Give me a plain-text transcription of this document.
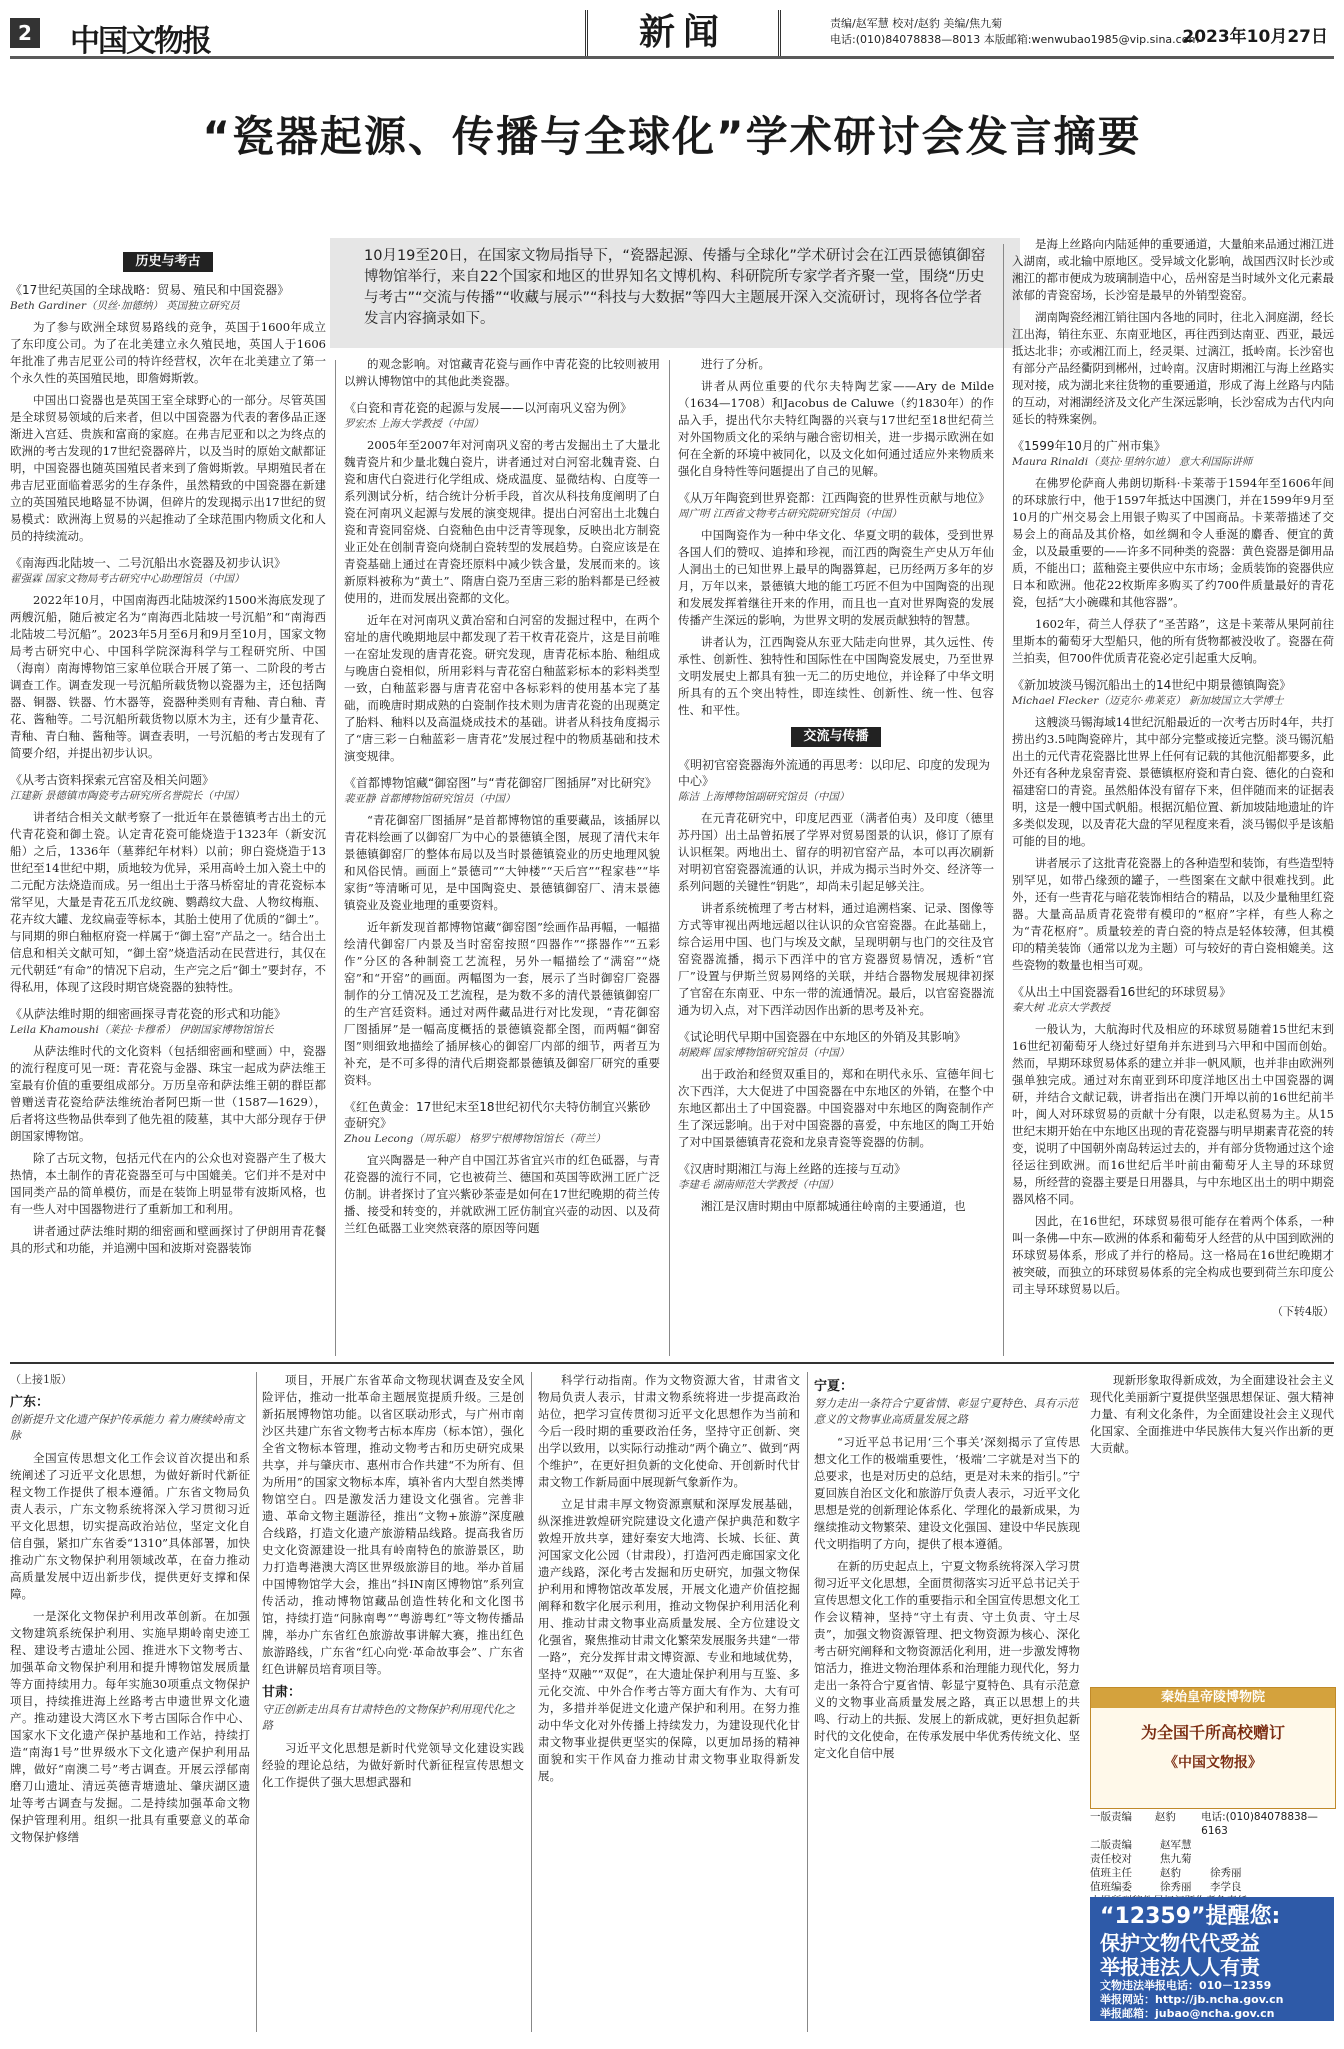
2 中国文物报	新闻	责编/赵军慧 校对/赵豹 美编/焦九菊
电话:(010)84078838—8013 本版邮箱:wenwubao1985@vip.sina.com
2023年10月27日
“瓷器起源、传播与全球化”学术研讨会发言摘要
10月19至20日，在国家文物局指导下，“瓷器起源、传播与全球化”学术研讨会在江西景德镇御窑博物馆举行，来自22个国家和地区的世界知名文博机构、科研院所专家学者齐聚一堂，围绕“历史与考古”“交流与传播”“收藏与展示”“科技与大数据”等四大主题展开深入交流研讨，现将各位学者发言内容摘录如下。
历史与考古
《17世纪英国的全球战略：贸易、殖民和中国瓷器》
Beth Gardiner（贝丝·加德纳） 英国独立研究员

为了参与欧洲全球贸易路线的竞争，英国于1600年成立了东印度公司。为了在北美建立永久殖民地，英国人于1606年批准了弗吉尼亚公司的特许经营权，次年在北美建立了第一个永久性的英国殖民地，即詹姆斯敦。

中国出口瓷器也是英国王室全球野心的一部分。尽管英国是全球贸易领域的后来者，但以中国瓷器为代表的奢侈品正逐渐进入宫廷、贵族和富商的家庭。在弗吉尼亚和以之为终点的欧洲的考古发现的17世纪瓷器碎片，以及当时的原始文献都证明，中国瓷器也随英国殖民者来到了詹姆斯敦。早期殖民者在弗吉尼亚面临着恶劣的生存条件，虽然精致的中国瓷器在新建立的英国殖民地略显不协调，但碎片的发现揭示出17世纪的贸易模式：欧洲海上贸易的兴起推动了全球范围内物质文化和人员的持续流动。

《南海西北陆坡一、二号沉船出水瓷器及初步认识》
翟强霖 国家文物局考古研究中心助理馆员（中国）

2022年10月，中国南海西北陆坡深约1500米海底发现了两艘沉船，随后被定名为“南海西北陆坡一号沉船”和“南海西北陆坡二号沉船”。2023年5月至6月和9月至10月，国家文物局考古研究中心、中国科学院深海科学与工程研究所、中国（海南）南海博物馆三家单位联合开展了第一、二阶段的考古调查工作。调查发现一号沉船所载货物以瓷器为主，还包括陶器、铜器、铁器、竹木器等，瓷器种类则有青釉、青白釉、青花、酱釉等。二号沉船所载货物以原木为主，还有少量青花、青釉、青白釉、酱釉等。调查表明，一号沉船的考古发现有了简要介绍，并提出初步认识。

《从考古资料探索元宫窑及相关问题》
江建新 景德镇市陶瓷考古研究所名誉院长（中国）

讲者结合相关文献考察了一批近年在景德镇考古出土的元代青花瓷和御土瓷。认定青花瓷可能烧造于1323年（新安沉船）之后，1336年（墓葬纪年材料）以前；卵白瓷烧造于13世纪至14世纪中期，质地较为优异，采用高岭土加入瓷土中的二元配方法烧造而成。另一组出土于落马桥窑址的青花瓷标本常罕见，大量是青花五爪龙纹碗、鹦鹉纹大盘、人物纹梅瓶、花卉纹大罐、龙纹扁壶等标本，其胎土使用了优质的“御土”。与同期的卵白釉枢府瓷一样属于“御土窑”产品之一。结合出土信息和相关文献可知，“御土窑”烧造活动在民营进行，其仅在元代朝廷“有命”的情况下启动，生产完之后“御土”要封存，不得私用，体现了这段时期官烧瓷器的独特性。

《从萨法维时期的细密画探寻青花瓷的形式和功能》
Leila Khamoushi（莱拉·卡穆希） 伊朗国家博物馆馆长

从萨法维时代的文化资料（包括细密画和壁画）中，瓷器的流行程度可见一斑：青花瓷与金器、珠宝一起成为萨法维王室最有价值的重要组成部分。万历皇帝和萨法维王朝的群臣都曾赠送青花瓷给萨法维统治者阿巴斯一世（1587—1629），后者将这些物品供奉到了他先祖的陵墓，其中大部分现存于伊朗国家博物馆。

除了古玩文物，包括元代在内的公众也对瓷器产生了极大热情，本土制作的青花瓷器至可与中国媲美。它们并不是对中国同类产品的简单模仿，而是在装饰上明显带有波斯风格，也有一些人对中国器物进行了重新加工和利用。

讲者通过萨法维时期的细密画和壁画探讨了伊朗用青花餐具的形式和功能，并追溯中国和波斯对瓷器装饰

的观念影响。对馆藏青花瓷与画作中青花瓷的比较则被用以辨认博物馆中的其他此类瓷器。

《白瓷和青花瓷的起源与发展——以河南巩义窑为例》
罗宏杰 上海大学教授（中国）

2005年至2007年对河南巩义窑的考古发掘出土了大量北魏青瓷片和少量北魏白瓷片，讲者通过对白河窑北魏青瓷、白瓷和唐代白瓷进行化学组成、烧成温度、显微结构、白度等一系列测试分析，结合统计分析手段，首次从科技角度阐明了白瓷在河南巩义起源与发展的演变规律。提出白河窑出土北魏白瓷和青瓷同窑烧、白瓷釉色由中泛青等现象，反映出北方制瓷业正处在创制青瓷向烧制白瓷转型的发展趋势。白瓷应该是在青瓷基础上通过在青瓷坯原料中减少铁含量，发展而来的。该新原料被称为“黄土”、隋唐白瓷乃至唐三彩的胎料都是已经被使用的，进而发展出瓷都的文化。

近年在对河南巩义黄冶窑和白河窑的发掘过程中，在两个窑址的唐代晚期地层中都发现了若干枚青花瓷片，这是目前唯一在窑址发现的唐青花瓷。研究发现，唐青花标本胎、釉组成与晚唐白瓷相似，所用彩料与青花窑白釉蓝彩标本的彩料类型一致，白釉蓝彩器与唐青花窑中各标彩料的使用基本完了基础，而晚唐时期成熟的白瓷制作技术则为唐青花瓷的出现奠定了胎料、釉料以及高温烧成技术的基础。讲者从科技角度揭示了“唐三彩－白釉蓝彩－唐青花”发展过程中的物质基础和技术演变规律。

《首都博物馆藏“御窑图”与“青花御窑厂图插屏”对比研究》
裴亚静 首都博物馆研究馆员（中国）

“青花御窑厂图插屏”是首都博物馆的重要藏品，该插屏以青花料绘画了以御窑厂为中心的景德镇全图，展现了清代末年景德镇御窑厂的整体布局以及当时景德镇瓷业的历史地理风貌和风俗民情。画面上“景德司”“大钟楼”“天后宫”“程家巷”“毕家街”等清晰可见，是中国陶瓷史、景德镇御窑厂、清末景德镇瓷业及瓷业地理的重要资料。

近年新发现首都博物馆藏“御窑图”绘画作品再幅，一幅描绘清代御窑厂内景及当时窑窑按照“四器作”“搽器作”“五彩作”分区的各种制瓷工艺流程，另外一幅描绘了“满窑”“烧窑”和“开窑”的画面。两幅图为一套，展示了当时御窑厂瓷器制作的分工情况及工艺流程，是为数不多的清代景德镇御窑厂的生产宫廷资料。通过对两件藏品进行对比发现，“青花御窑厂图插屏”是一幅高度概括的景德镇瓷都全图，而两幅“御窑图”则细致地描绘了插屏核心的御窑厂内部的细节，两者互为补充，是不可多得的清代后期瓷都景德镇及御窑厂研究的重要资料。

《红色黄金：17世纪末至18世纪初代尔夫特仿制宜兴紫砂壶研究》
Zhou Lecong（周乐聪） 格罗宁根博物馆馆长（荷兰）

宜兴陶器是一种产自中国江苏省宜兴市的红色砥器，与青花瓷器的流行不同，它也被荷兰、德国和英国等欧洲工匠广泛仿制。讲者探讨了宜兴紫砂茶壶是如何在17世纪晚期的荷兰传播、接受和转变的，并就欧洲工匠仿制宜兴壶的动因、以及荷兰红色砥器工业突然衰落的原因等问题

进行了分析。

讲者从两位重要的代尔夫特陶艺家——Ary de Milde（1634—1708）和Jacobus de Caluwe（约1830年）的作品入手，提出代尔夫特红陶器的兴衰与17世纪至18世纪荷兰对外国物质文化的采纳与融合密切相关，进一步揭示欧洲在如何在全新的环境中被同化，以及文化如何通过适应外来物质来强化自身特性等问题提出了自己的见解。

《从万年陶瓷到世界瓷都：江西陶瓷的世界性贡献与地位》
周广明 江西省文物考古研究院研究馆员（中国）

中国陶瓷作为一种中华文化、华夏文明的载体，受到世界各国人们的赞叹、追捧和珍视，而江西的陶瓷生产史从万年仙人洞出土的已知世界上最早的陶器算起，已历经两万多年的岁月，万年以来，景德镇大地的能工巧匠不但为中国陶瓷的出现和发展发挥着继往开来的作用，而且也一直对世界陶瓷的发展传播产生深远的影响，为世界文明的发展贡献独特的智慧。

讲者认为，江西陶瓷从东亚大陆走向世界，其久远性、传承性、创新性、独特性和国际性在中国陶瓷发展史，乃至世界文明发展史上都具有独一无二的历史地位，并诠释了中华文明所具有的五个突出特性，即连续性、创新性、统一性、包容性、和平性。

交流与传播
《明初官窑瓷器海外流通的再思考：以印尼、印度的发现为中心》
陈洁 上海博物馆副研究馆员（中国）

在元青花研究中，印度尼西亚（满者伯夷）及印度（德里苏丹国）出土品曾拓展了学界对贸易图景的认识，修订了原有认识框架。两地出土、留存的明初官窑产品，本可以再次刷新对明初官窑瓷器流通的认识，并成为揭示当时外交、经济等一系列问题的关键性“钥匙”，却尚未引起足够关注。

讲者系统梳理了考古材料，通过追溯档案、记录、图像等方式等审视出两地远超以往认识的众官窑瓷器。在此基础上，综合运用中国、也门与埃及文献，呈现明朝与也门的交往及官窑瓷器流播，揭示下西洋中的官方瓷器贸易情况，透析“官厂”设置与伊斯兰贸易网络的关联，并结合器物发展规律初探了官窑在东南亚、中东一带的流通情况。最后，以官窑瓷器流通为切入点，对下西洋动因作出新的思考及补充。

《试论明代早期中国瓷器在中东地区的外销及其影响》
胡殿辉 国家博物馆研究馆员（中国）

出于政治和经贸双重目的，郑和在明代永乐、宣德年间七次下西洋，大大促进了中国瓷器在中东地区的外销，在整个中东地区都出土了中国瓷器。中国瓷器对中东地区的陶瓷制作产生了深远影响。出于对中国瓷器的喜爱，中东地区的陶工开始了对中国景德镇青花瓷和龙泉青瓷等瓷器的仿制。

《汉唐时期湘江与海上丝路的连接与互动》
李建毛 湖南师范大学教授（中国）

湘江是汉唐时期由中原都城通往岭南的主要通道，也

是海上丝路向内陆延伸的重要通道，大量舶来品通过湘江进入湖南，或北输中原地区。受异域文化影响，战国西汉时长沙或湘江的都市便成为玻璃制造中心，岳州窑是当时域外文化元素最浓郁的青瓷窑场，长沙窑是最早的外销型瓷窑。

湖南陶瓷经湘江销往国内各地的同时，往北入洞庭湖，经长江出海，销往东亚、东南亚地区，再往西到达南亚、西亚，最远抵达北非；亦或湘江而上，经灵渠、过漓江，抵岭南。长沙窑也有部分产品经衢阴到郴州，过岭南。汉唐时期湘江与海上丝路实现对接，成为湖北来往货物的重要通道，形成了海上丝路与内陆的互动，对湘湖经济及文化产生深远影响，长沙窑成为古代内向延长的特殊案例。

《1599年10月的广州市集》
Maura Rinaldi（莫拉·里纳尔迪） 意大利国际讲师

在佛罗伦萨商人弗朗切斯科·卡莱蒂于1594年至1606年间的环球旅行中，他于1597年抵达中国澳门，并在1599年9月至10月的广州交易会上用银子购买了中国商品。卡莱蒂描述了交易会上的商品及其价格，如丝绸和令人垂涎的麝香、便宜的黄金，以及最重要的——许多不同种类的瓷器：黄色瓷器是御用品质，不能出口；蓝釉瓷主要供应中东市场；金质装饰的瓷器供应日本和欧洲。他花22枚斯库多购买了约700件质量最好的青花瓷，包括“大小碗碟和其他容器”。

1602年，荷兰人俘获了“圣苦路”，这是卡莱蒂从果阿前往里斯本的葡萄牙大型船只，他的所有货物都被没收了。瓷器在荷兰拍卖，但700件优质青花瓷必定引起重大反响。

《新加坡淡马锡沉船出土的14世纪中期景德镇陶瓷》
Michael Flecker（迈克尔·弗莱克） 新加坡国立大学博士

这艘淡马锡海域14世纪沉船最近的一次考古历时4年，共打捞出约3.5吨陶瓷碎片，其中部分完整或接近完整。淡马锡沉船出土的元代青花瓷器比世界上任何有记载的其他沉船都要多，此外还有各种龙泉窑青瓷、景德镇枢府瓷和青白瓷、德化的白瓷和福建窑口的青瓷。虽然船体没有留存下来，但伴随而来的证据表明，这是一艘中国式帆船。根据沉船位置、新加坡陆地遗址的许多类似发现，以及青花大盘的罕见程度来看，淡马锡似乎是该船可能的目的地。

讲者展示了这批青花瓷器上的各种造型和装饰，有些造型特别罕见，如带凸缘颈的罐子，一些图案在文献中很难找到。此外，还有一些青花与暗花装饰相结合的精品，以及少量釉里红瓷器。大量高品质青花瓷带有模印的“枢府”字样，有些人称之为“青花枢府”。质量较差的青白瓷的特点是轻体较薄，但其模印的精美装饰（通常以龙为主题）可与较好的青白瓷相媲美。这些瓷物的数量也相当可观。

《从出土中国瓷器看16世纪的环球贸易》
秦大树 北京大学教授

一般认为，大航海时代及相应的环球贸易随着15世纪末到16世纪初葡萄牙人绕过好望角并东进到马六甲和中国而创始。然而，早期环球贸易体系的建立并非一帆风顺，也并非由欧洲列强单独完成。通过对东南亚到环印度洋地区出土中国瓷器的调研，并结合文献记载，讲者指出在澳门开埠以前的16世纪前半叶，闽人对环球贸易的贡献十分有限，以走私贸易为主。从15世纪末期开始在中东地区出现的青花瓷器与明早期素青花瓷的转变，说明了中国朝外南岛转运过去的，并有部分货物通过这个途径运往到欧洲。而16世纪后半叶前由葡萄牙人主导的环球贸易，所经营的瓷器主要是日用器具，与中东地区出土的明中期瓷器风格不同。

因此，在16世纪，环球贸易很可能存在着两个体系，一种叫一条佛—中东—欧洲的体系和葡萄牙人经营的从中国到欧洲的环球贸易体系，形成了并行的格局。这一格局在16世纪晚期才被突破，而独立的环球贸易体系的完全构成也要到荷兰东印度公司主导环球贸易以后。

（下转4版）
（上接1版）
广东：
创新提升文化遗产保护传承能力 着力赓续岭南文脉

全国宣传思想文化工作会议首次提出和系统阐述了习近平文化思想，为做好新时代新征程文物工作提供了根本遵循。广东省文物局负责人表示，广东文物系统将深入学习贯彻习近平文化思想，切实提高政治站位，坚定文化自信自强，紧扣广东省委“1310”具体部署，加快推动广东文物保护利用领域改革，在奋力推动高质量发展中迈出新步伐，提供更好支撑和保障。

一是深化文物保护利用改革创新。在加强文物建筑系统保护利用、实施早期岭南史迹工程、建设考古遗址公园、推进水下文物考古、加强革命文物保护利用和提升博物馆发展质量等方面持续用力。每年实施30项重点文物保护项目，持续推进海上丝路考古申遗世界文化遗产。推动建设大湾区水下考古国际合作中心、国家水下文化遗产保护基地和工作站，持续打造“南海1号”世界级水下文化遗产保护利用品牌，做好“南澳二号”考古调查。开展云浮郁南磨刀山遗址、清远英德青塘遗址、肇庆湖区遗址等考古调查与发掘。二是持续加强革命文物保护管理利用。组织一批具有重要意义的革命文物保护修缮

项目，开展广东省革命文物现状调查及安全风险评估，推动一批革命主题展览提质升级。三是创新拓展博物馆功能。以省区联动形式，与广州市南沙区共建广东省文物考古标本库房（标本馆），强化全省文物标本管理，推动文物考古和历史研究成果共享，并与肇庆市、惠州市合作共建“不为所有、但为所用”的国家文物标本库，填补省内大型自然类博物馆空白。四是激发活力建设文化强省。完善非遗、革命文物主题游径，推出“文物+旅游”深度融合线路，打造文化遗产旅游精品线路。提高我省历史文化资源建设一批具有岭南特色的旅游景区，助力打造粤港澳大湾区世界级旅游目的地。举办首届中国博物馆学大会，推出“抖IN南区博物馆”系列宣传活动，推动博物馆藏品创造性转化和文化图书馆，持续打造“问脉南粤”“粤游粤红”等文物传播品牌，举办广东省红色旅游故事讲解大赛，推出红色旅游路线，广东省“红心向党·革命故事会”、广东省红色讲解员培育项目等。

甘肃：
守正创新走出具有甘肃特色的文物保护利用现代化之路

习近平文化思想是新时代党领导文化建设实践经验的理论总结，为做好新时代新征程宣传思想文化工作提供了强大思想武器和

科学行动指南。作为文物资源大省，甘肃省文物局负责人表示，甘肃文物系统将进一步提高政治站位，把学习宣传贯彻习近平文化思想作为当前和今后一段时期的重要政治任务，坚持守正创新、突出学以致用，以实际行动推动“两个确立”、做到“两个维护”，在更好担负新的文化使命、开创新时代甘肃文物工作新局面中展现新气象新作为。

立足甘肃丰厚文物资源禀赋和深厚发展基础，纵深推进敦煌研究院建设文化遗产保护典范和数字敦煌开放共享，建好秦安大地湾、长城、长征、黄河国家文化公园（甘肃段），打造河西走廊国家文化遗产线路，深化考古发掘和历史研究，加强文物保护利用和博物馆改革发展，开展文化遗产价值挖掘阐释和数字化展示利用，推动文物保护利用活化利用、推动甘肃文物事业高质量发展、全方位建设文化强省，聚焦推动甘肃文化繁荣发展服务共建“一带一路”，充分发挥甘肃文博资源、专业和地域优势，坚持“双融”“双促”，在大遗址保护利用与互鉴、多元化交流、中外合作考古等方面大有作为、大有可为，多措并举促进文化遗产保护和利用。在努力推动中华文化对外传播上持续发力，为建设现代化甘肃文物事业提供更坚实的保障，以更加昂扬的精神面貌和实干作风奋力推动甘肃文物事业取得新发展。

宁夏：
努力走出一条符合宁夏省情、彰显宁夏特色、具有示范意义的文物事业高质量发展之路

“习近平总书记用‘三个事关’深刻揭示了宣传思想文化工作的极端重要性，‘极端’二字就是对当下的总要求，也是对历史的总结，更是对未来的指引。”宁夏回族自治区文化和旅游厅负责人表示，习近平文化思想是党的创新理论体系化、学理化的最新成果，为继续推动文物繁荣、建设文化强国、建设中华民族现代文明指明了方向，提供了根本遵循。

在新的历史起点上，宁夏文物系统将深入学习贯彻习近平文化思想，全面贯彻落实习近平总书记关于宣传思想文化工作的重要指示和全国宣传思想文化工作会议精神，坚持“守土有责、守土负责、守土尽责”，加强文物资源管理、把文物资源为核心、深化考古研究阐释和文物资源活化利用，进一步激发博物馆活力，推进文物治理体系和治理能力现代化，努力走出一条符合宁夏省情、彰显宁夏特色、具有示范意义的文物事业高质量发展之路，真正以思想上的共鸣、行动上的共振、发展上的新成就，更好担负起新时代的文化使命，在传承发展中华优秀传统文化、坚定文化自信中展

现新形象取得新成效，为全面建设社会主义现代化美丽新宁夏提供坚强思想保证、强大精神力量、有利文化条件，为全面建设社会主义现代化国家、全面推进中华民族伟大复兴作出新的更大贡献。

秦始皇帝陵博物院
为全国千所高校赠订
《中国文物报》
一版责编	赵豹	电话:(010)84078838—6163
二版责编	赵军慧
责任校对	焦九菊
值班主任	赵豹	徐秀丽
值班编委	徐秀丽	李学良
“12359”提醒您:
保护文物代代受益
举报违法人人有责
文物违法举报电话：010－12359
举报网站：http://jb.ncha.gov.cn
举报邮箱：jubao@ncha.gov.cn
举报信箱：北京市1652信箱
邮编：100009
